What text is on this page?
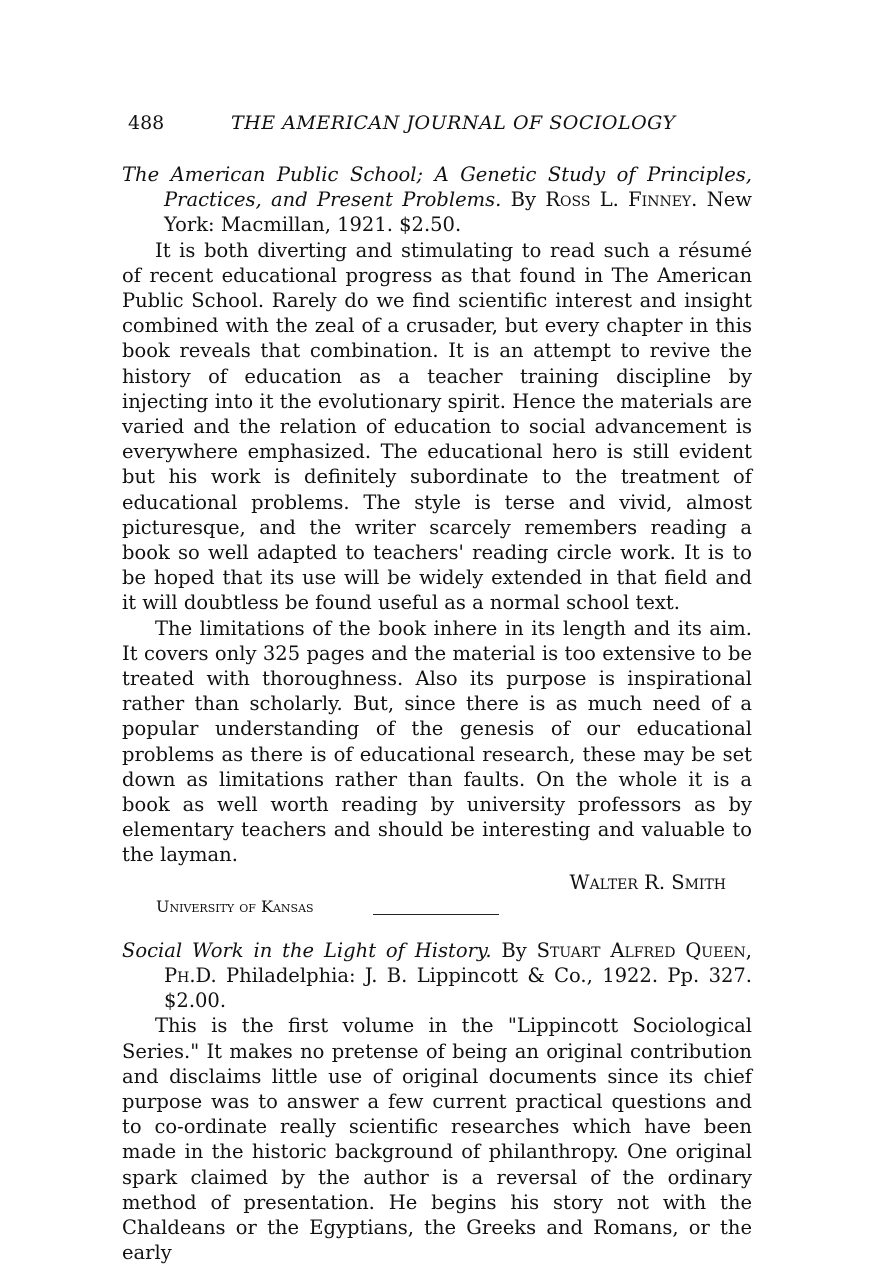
488	THE AMERICAN JOURNAL OF SOCIOLOGY
The American Public School; A Genetic Study of Principles, Practices, and Present Problems. By Ross L. Finney. New York: Macmillan, 1921. $2.50.

It is both diverting and stimulating to read such a résumé of recent educational progress as that found in The American Public School. Rarely do we find scientific interest and insight combined with the zeal of a crusader, but every chapter in this book reveals that combination. It is an attempt to revive the history of education as a teacher training discipline by injecting into it the evolutionary spirit. Hence the materials are varied and the relation of education to social advancement is everywhere emphasized. The educational hero is still evident but his work is definitely subordinate to the treatment of educational problems. The style is terse and vivid, almost picturesque, and the writer scarcely remembers reading a book so well adapted to teachers' reading circle work. It is to be hoped that its use will be widely extended in that field and it will doubtless be found useful as a normal school text.

The limitations of the book inhere in its length and its aim. It covers only 325 pages and the material is too extensive to be treated with thoroughness. Also its purpose is inspirational rather than scholarly. But, since there is as much need of a popular understanding of the genesis of our educational problems as there is of educational research, these may be set down as limitations rather than faults. On the whole it is a book as well worth reading by university professors as by elementary teachers and should be interesting and valuable to the layman.

Walter R. Smith
University of Kansas
Social Work in the Light of History. By Stuart Alfred Queen, Ph.D. Philadelphia: J. B. Lippincott & Co., 1922. Pp. 327. $2.00.

This is the first volume in the "Lippincott Sociological Series." It makes no pretense of being an original contribution and disclaims little use of original documents since its chief purpose was to answer a few current practical questions and to co-ordinate really scientific researches which have been made in the historic background of philanthropy. One original spark claimed by the author is a reversal of the ordinary method of presentation. He begins his story not with the Chaldeans or the Egyptians, the Greeks and Romans, or the early
